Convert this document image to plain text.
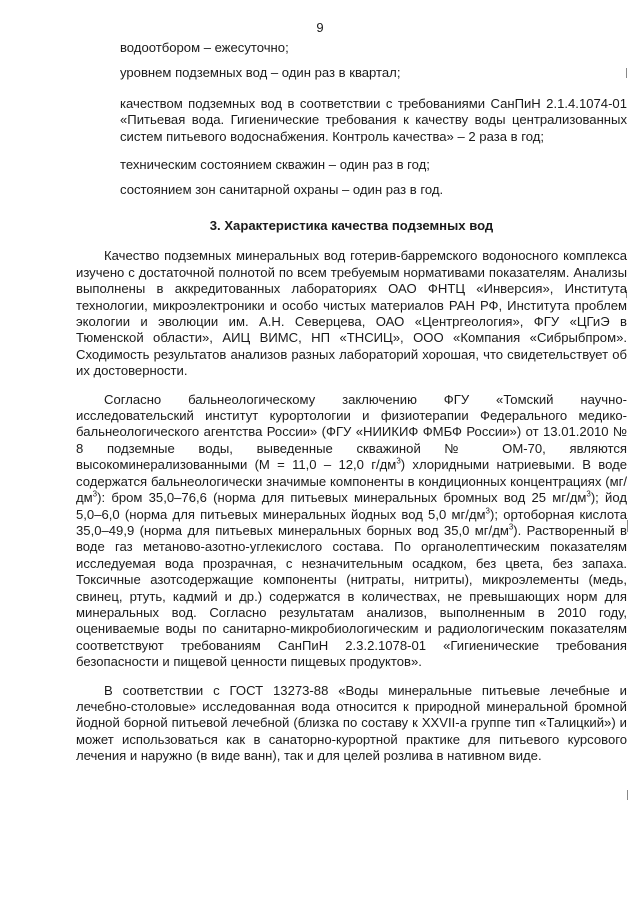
9

водоотбором – ежесуточно;

уровнем подземных вод – один раз в квартал;

качеством подземных вод в соответствии с требованиями СанПиН 2.1.4.1074-01 «Питьевая вода. Гигиенические требования к качеству воды централизованных систем питьевого водоснабжения. Контроль качества» – 2 раза в год;

техническим состоянием скважин – один раз в год;

состоянием зон санитарной охраны – один раз в год.

3. Характеристика качества подземных вод

Качество подземных минеральных вод готерив-барремского водоносного комплекса изучено с достаточной полнотой по всем требуемым нормативами показателям. Анализы выполнены в аккредитованных лабораториях ОАО ФНТЦ «Инверсия», Института технологии, микроэлектроники и особо чистых материалов РАН РФ, Института проблем экологии и эволюции им. А.Н. Северцева, ОАО «Центргеология», ФГУ «ЦГиЭ в Тюменской области», АИЦ ВИМС, НП «ТНСИЦ», ООО «Компания «Сибрыбпром». Сходимость результатов анализов разных лабораторий хорошая, что свидетельствует об их достоверности.

Согласно бальнеологическому заключению ФГУ «Томский научно-исследовательский институт курортологии и физиотерапии Федерального медико-бальнеологического агентства России» (ФГУ «НИИКИФ ФМБФ России») от 13.01.2010 № 8 подземные воды, выведенные скважиной № ОМ-70, являются высокоминерализованными (М = 11,0 – 12,0 $г/дм^3$) хлоридными натриевыми. В воде содержатся бальнеологически значимые компоненты в кондиционных концентрациях $(мг/дм^3)$: бром 35,0–76,6 (норма для питьевых минеральных бромных вод 25 $мг/дм^3$); йод 5,0–6,0 (норма для питьевых минеральных йодных вод 5,0 $мг/дм^3$); ортоборная кислота 35,0–49,9 (норма для питьевых минеральных борных вод 35,0 $мг/дм^3$). Растворенный в воде газ метаново-азотно-углекислого состава. По органолептическим показателям исследуемая вода прозрачная, с незначительным осадком, без цвета, без запаха. Токсичные азотсодержащие компоненты (нитраты, нитриты), микроэлементы (медь, свинец, ртуть, кадмий и др.) содержатся в количествах, не превышающих норм для минеральных вод. Согласно результатам анализов, выполненным в 2010 году, оцениваемые воды по санитарно-микробиологическим и радиологическим показателям соответствуют требованиям СанПиН 2.3.2.1078-01 «Гигиенические требования безопасности и пищевой ценности пищевых продуктов».

В соответствии с ГОСТ 13273-88 «Воды минеральные питьевые лечебные и лечебно-столовые» исследованная вода относится к природной минеральной бромной йодной борной питьевой лечебной (близка по составу к XXVII-а группе тип «Талицкий») и может использоваться как в санаторно-курортной практике для питьевого курсового лечения и наружно (в виде ванн), так и для целей розлива в нативном виде.
